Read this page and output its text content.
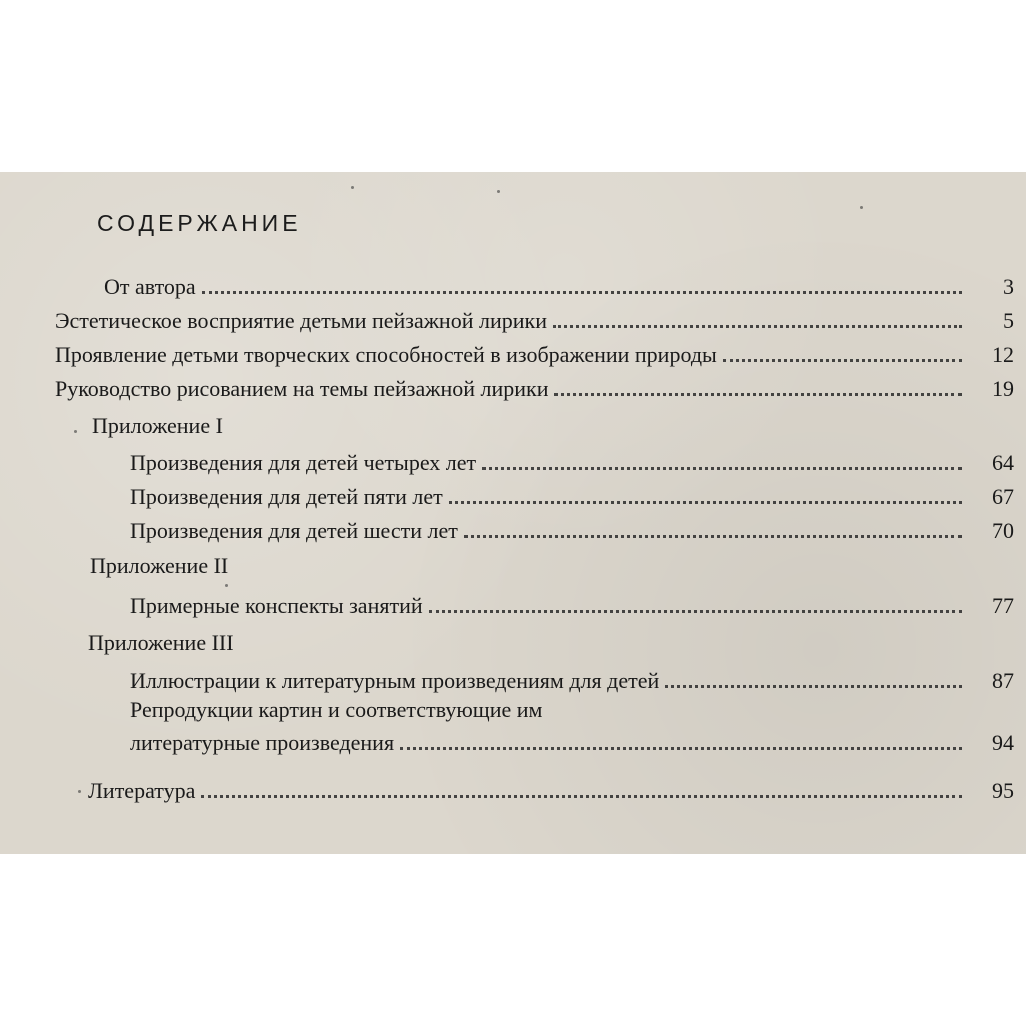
СОДЕРЖАНИЕ
От автора	3
Эстетическое восприятие детьми пейзажной лирики	5
Проявление детьми творческих способностей в изображении природы	12
Руководство рисованием на темы пейзажной лирики	19
Приложение I
Произведения для детей четырех лет	64
Произведения для детей пяти лет	67
Произведения для детей шести лет	70
Приложение II
Примерные конспекты занятий	77
Приложение III
Иллюстрации к литературным произведениям для детей	87
Репродукции картин и соответствующие им
литературные произведения	94
Литература	95
